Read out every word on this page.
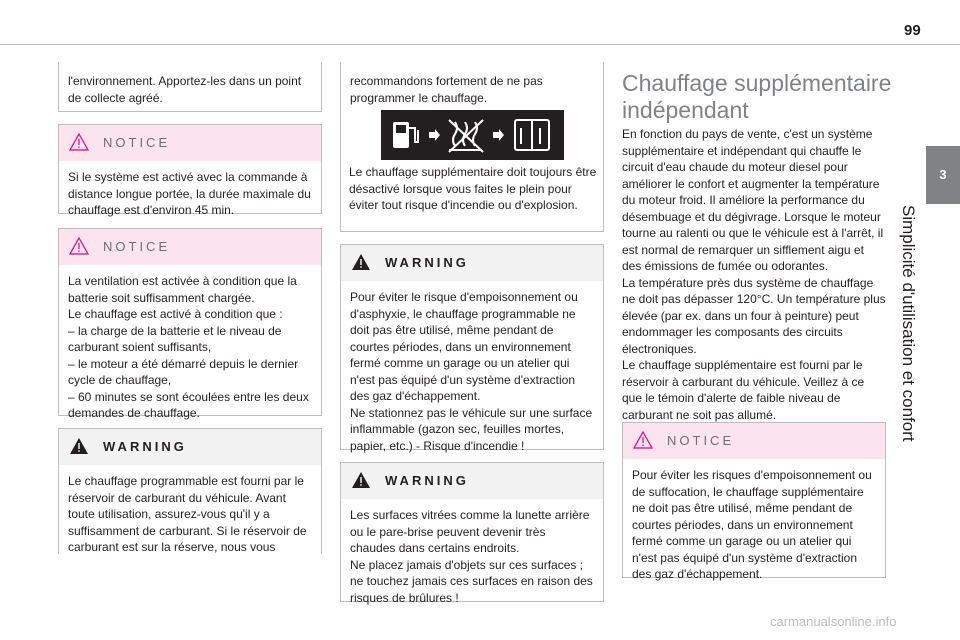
99
3
Simplicité d'utilisation et confort

l'environnement. Apportez-les dans un point de collecte agréé.

NOTICE

Si le système est activé avec la commande à distance longue portée, la durée maximale du chauffage est d'environ 45 min.

NOTICE

La ventilation est activée à condition que la batterie soit suffisamment chargée.

Le chauffage est activé à condition que :

– la charge de la batterie et le niveau de carburant soient suffisants,

– le moteur a été démarré depuis le dernier cycle de chauffage,

– 60 minutes se sont écoulées entre les deux demandes de chauffage.

WARNING

Le chauffage programmable est fourni par le réservoir de carburant du véhicule. Avant toute utilisation, assurez-vous qu'il y a suffisamment de carburant. Si le réservoir de carburant est sur la réserve, nous vous

recommandons fortement de ne pas programmer le chauffage.

Le chauffage supplémentaire doit toujours être désactivé lorsque vous faites le plein pour éviter tout risque d'incendie ou d'explosion.

WARNING

Pour éviter le risque d'empoisonnement ou d'asphyxie, le chauffage programmable ne doit pas être utilisé, même pendant de courtes périodes, dans un environnement fermé comme un garage ou un atelier qui n'est pas équipé d'un système d'extraction des gaz d'échappement.

Ne stationnez pas le véhicule sur une surface inflammable (gazon sec, feuilles mortes, papier, etc.) - Risque d'incendie !

WARNING

Les surfaces vitrées comme la lunette arrière ou le pare-brise peuvent devenir très chaudes dans certains endroits.

Ne placez jamais d'objets sur ces surfaces ; ne touchez jamais ces surfaces en raison des risques de brûlures !

Chauffage supplémentaire indépendant

En fonction du pays de vente, c'est un système supplémentaire et indépendant qui chauffe le circuit d'eau chaude du moteur diesel pour améliorer le confort et augmenter la température du moteur froid. Il améliore la performance du désembuage et du dégivrage. Lorsque le moteur tourne au ralenti ou que le véhicule est à l'arrêt, il est normal de remarquer un sifflement aigu et des émissions de fumée ou odorantes.

La température près dus système de chauffage ne doit pas dépasser 120°C. Un température plus élevée (par ex. dans un four à peinture) peut endommager les composants des circuits électroniques.

Le chauffage supplémentaire est fourni par le réservoir à carburant du véhicule. Veillez à ce que le témoin d'alerte de faible niveau de carburant ne soit pas allumé.

NOTICE

Pour éviter les risques d'empoisonnement ou de suffocation, le chauffage supplémentaire ne doit pas être utilisé, même pendant de courtes périodes, dans un environnement fermé comme un garage ou un atelier qui n'est pas équipé d'un système d'extraction des gaz d'échappement.

carmanualsonline.info
